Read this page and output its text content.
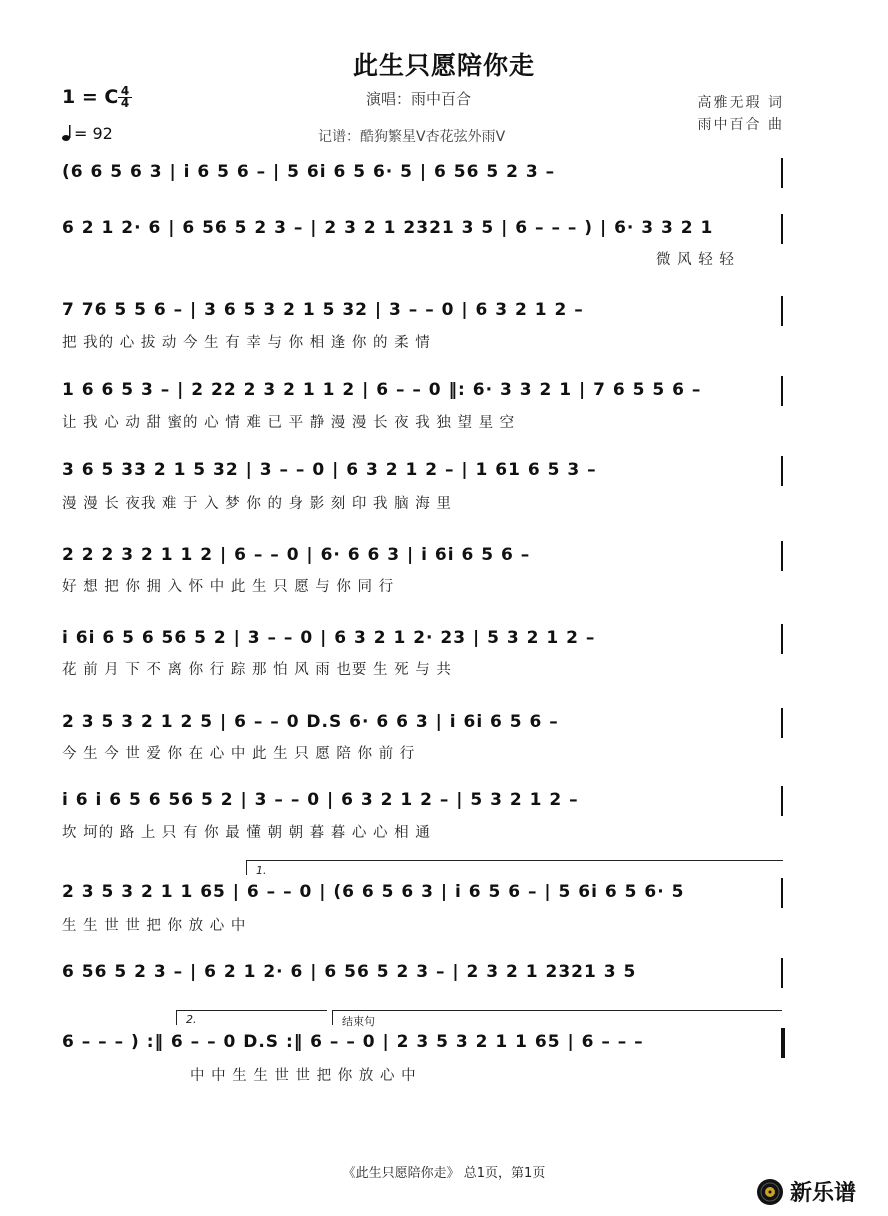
此生只愿陪你走
1 = C 4
4
= 92
演唱：雨中百合
记谱：酷狗繁星V杏花弦外雨V
高雅无瑕 词
雨中百合 曲
(6 6 5 6 3 | i 6 5 6 – | 5 6i 6 5 6· 5 | 6 56 5 2 3 –
6 2 1 2· 6 | 6 56 5 2 3 – | 2 3 2 1 2321 3 5 | 6 – – – ) | 6· 3 3 2 1
微 风 轻 轻
7 76 5 5 6 – | 3 6 5 3 2 1 5 32 | 3 – – 0 | 6 3 2 1 2 –
把 我的 心 拔 动 今 生 有 幸 与 你 相 逢 你 的 柔 情
1 6 6 5 3 – | 2 22 2 3 2 1 1 2 | 6 – – 0 ‖: 6· 3 3 2 1 | 7 6 5 5 6 –
让 我 心 动 甜 蜜的 心 情 难 已 平 静 漫 漫 长 夜 我 独 望 星 空
3 6 5 33 2 1 5 32 | 3 – – 0 | 6 3 2 1 2 – | 1 61 6 5 3 –
漫 漫 长 夜我 难 于 入 梦 你 的 身 影 刻 印 我 脑 海 里
2 2 2 3 2 1 1 2 | 6 – – 0 | 6· 6 6 3 | i 6i 6 5 6 –
好 想 把 你 拥 入 怀 中 此 生 只 愿 与 你 同 行
i 6i 6 5 6 56 5 2 | 3 – – 0 | 6 3 2 1 2· 23 | 5 3 2 1 2 –
花 前 月 下 不 离 你 行 踪 那 怕 风 雨 也要 生 死 与 共
2 3 5 3 2 1 2 5 | 6 – – 0 D.S 6· 6 6 3 | i 6i 6 5 6 –
今 生 今 世 爱 你 在 心 中 此 生 只 愿 陪 你 前 行
i 6 i 6 5 6 56 5 2 | 3 – – 0 | 6 3 2 1 2 – | 5 3 2 1 2 –
坎 坷的 路 上 只 有 你 最 懂 朝 朝 暮 暮 心 心 相 通
1.
2 3 5 3 2 1 1 65 | 6 – – 0 | (6 6 5 6 3 | i 6 5 6 – | 5 6i 6 5 6· 5
生 生 世 世 把 你 放 心 中
6 56 5 2 3 – | 6 2 1 2· 6 | 6 56 5 2 3 – | 2 3 2 1 2321 3 5
2.	结束句
6 – – – ) :‖ 6 – – 0 D.S :‖ 6 – – 0 | 2 3 5 3 2 1 1 65 | 6 – – –
中 中 生 生 世 世 把 你 放 心 中
《此生只愿陪你走》 总1页，第1页
新乐谱
